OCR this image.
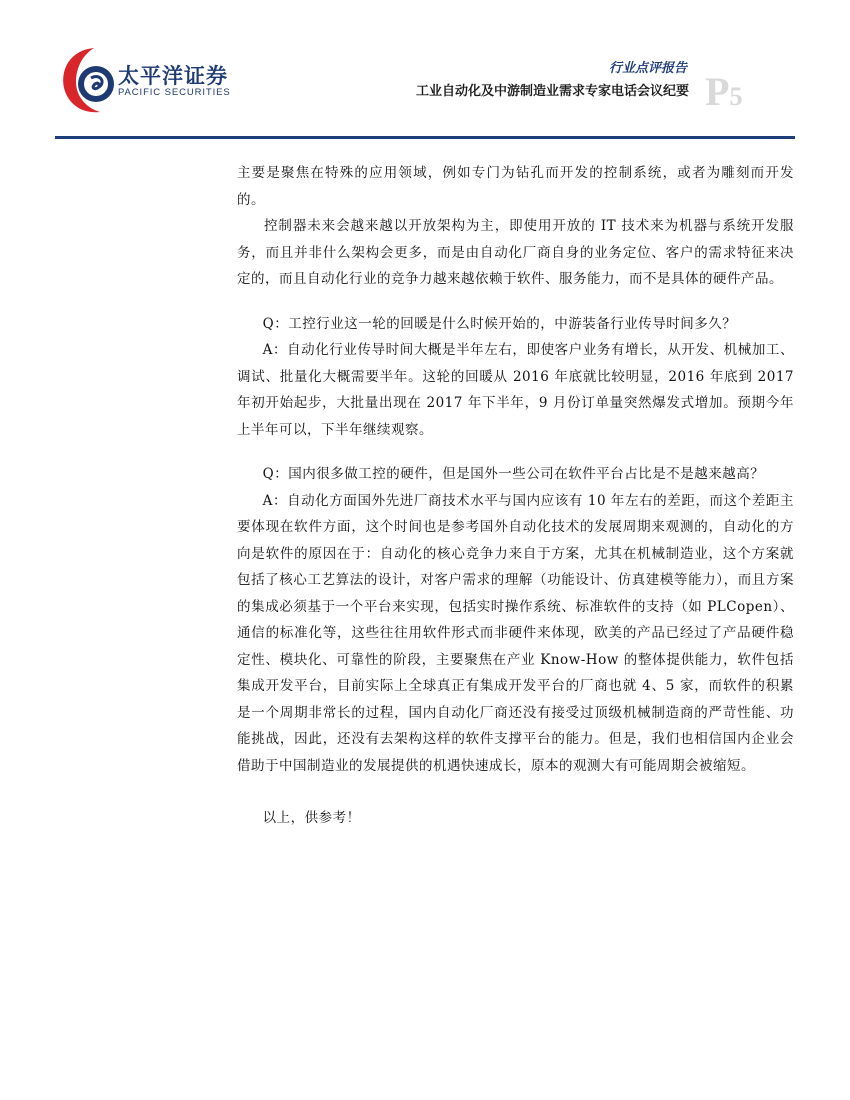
太平洋证券
PACIFIC SECURITIES
行业点评报告
工业自动化及中游制造业需求专家电话会议纪要 P5

主要是聚焦在特殊的应用领域，例如专门为钻孔而开发的控制系统，或者为雕刻而开发的。

控制器未来会越来越以开放架构为主，即使用开放的 IT 技术来为机器与系统开发服务，而且并非什么架构会更多，而是由自动化厂商自身的业务定位、客户的需求特征来决定的，而且自动化行业的竞争力越来越依赖于软件、服务能力，而不是具体的硬件产品。

Q：工控行业这一轮的回暖是什么时候开始的，中游装备行业传导时间多久？

A：自动化行业传导时间大概是半年左右，即使客户业务有增长，从开发、机械加工、调试、批量化大概需要半年。这轮的回暖从 2016 年底就比较明显，2016 年底到 2017 年初开始起步，大批量出现在 2017 年下半年，9 月份订单量突然爆发式增加。预期今年上半年可以，下半年继续观察。

Q：国内很多做工控的硬件，但是国外一些公司在软件平台占比是不是越来越高？

A：自动化方面国外先进厂商技术水平与国内应该有 10 年左右的差距，而这个差距主要体现在软件方面，这个时间也是参考国外自动化技术的发展周期来观测的，自动化的方向是软件的原因在于：自动化的核心竞争力来自于方案，尤其在机械制造业，这个方案就包括了核心工艺算法的设计，对客户需求的理解（功能设计、仿真建模等能力），而且方案的集成必须基于一个平台来实现，包括实时操作系统、标准软件的支持（如 PLCopen）、通信的标准化等，这些往往用软件形式而非硬件来体现，欧美的产品已经过了产品硬件稳定性、模块化、可靠性的阶段，主要聚焦在产业 Know-How 的整体提供能力，软件包括集成开发平台，目前实际上全球真正有集成开发平台的厂商也就 4、5 家，而软件的积累是一个周期非常长的过程，国内自动化厂商还没有接受过顶级机械制造商的严苛性能、功能挑战，因此，还没有去架构这样的软件支撑平台的能力。但是，我们也相信国内企业会借助于中国制造业的发展提供的机遇快速成长，原本的观测大有可能周期会被缩短。

以上，供参考！
